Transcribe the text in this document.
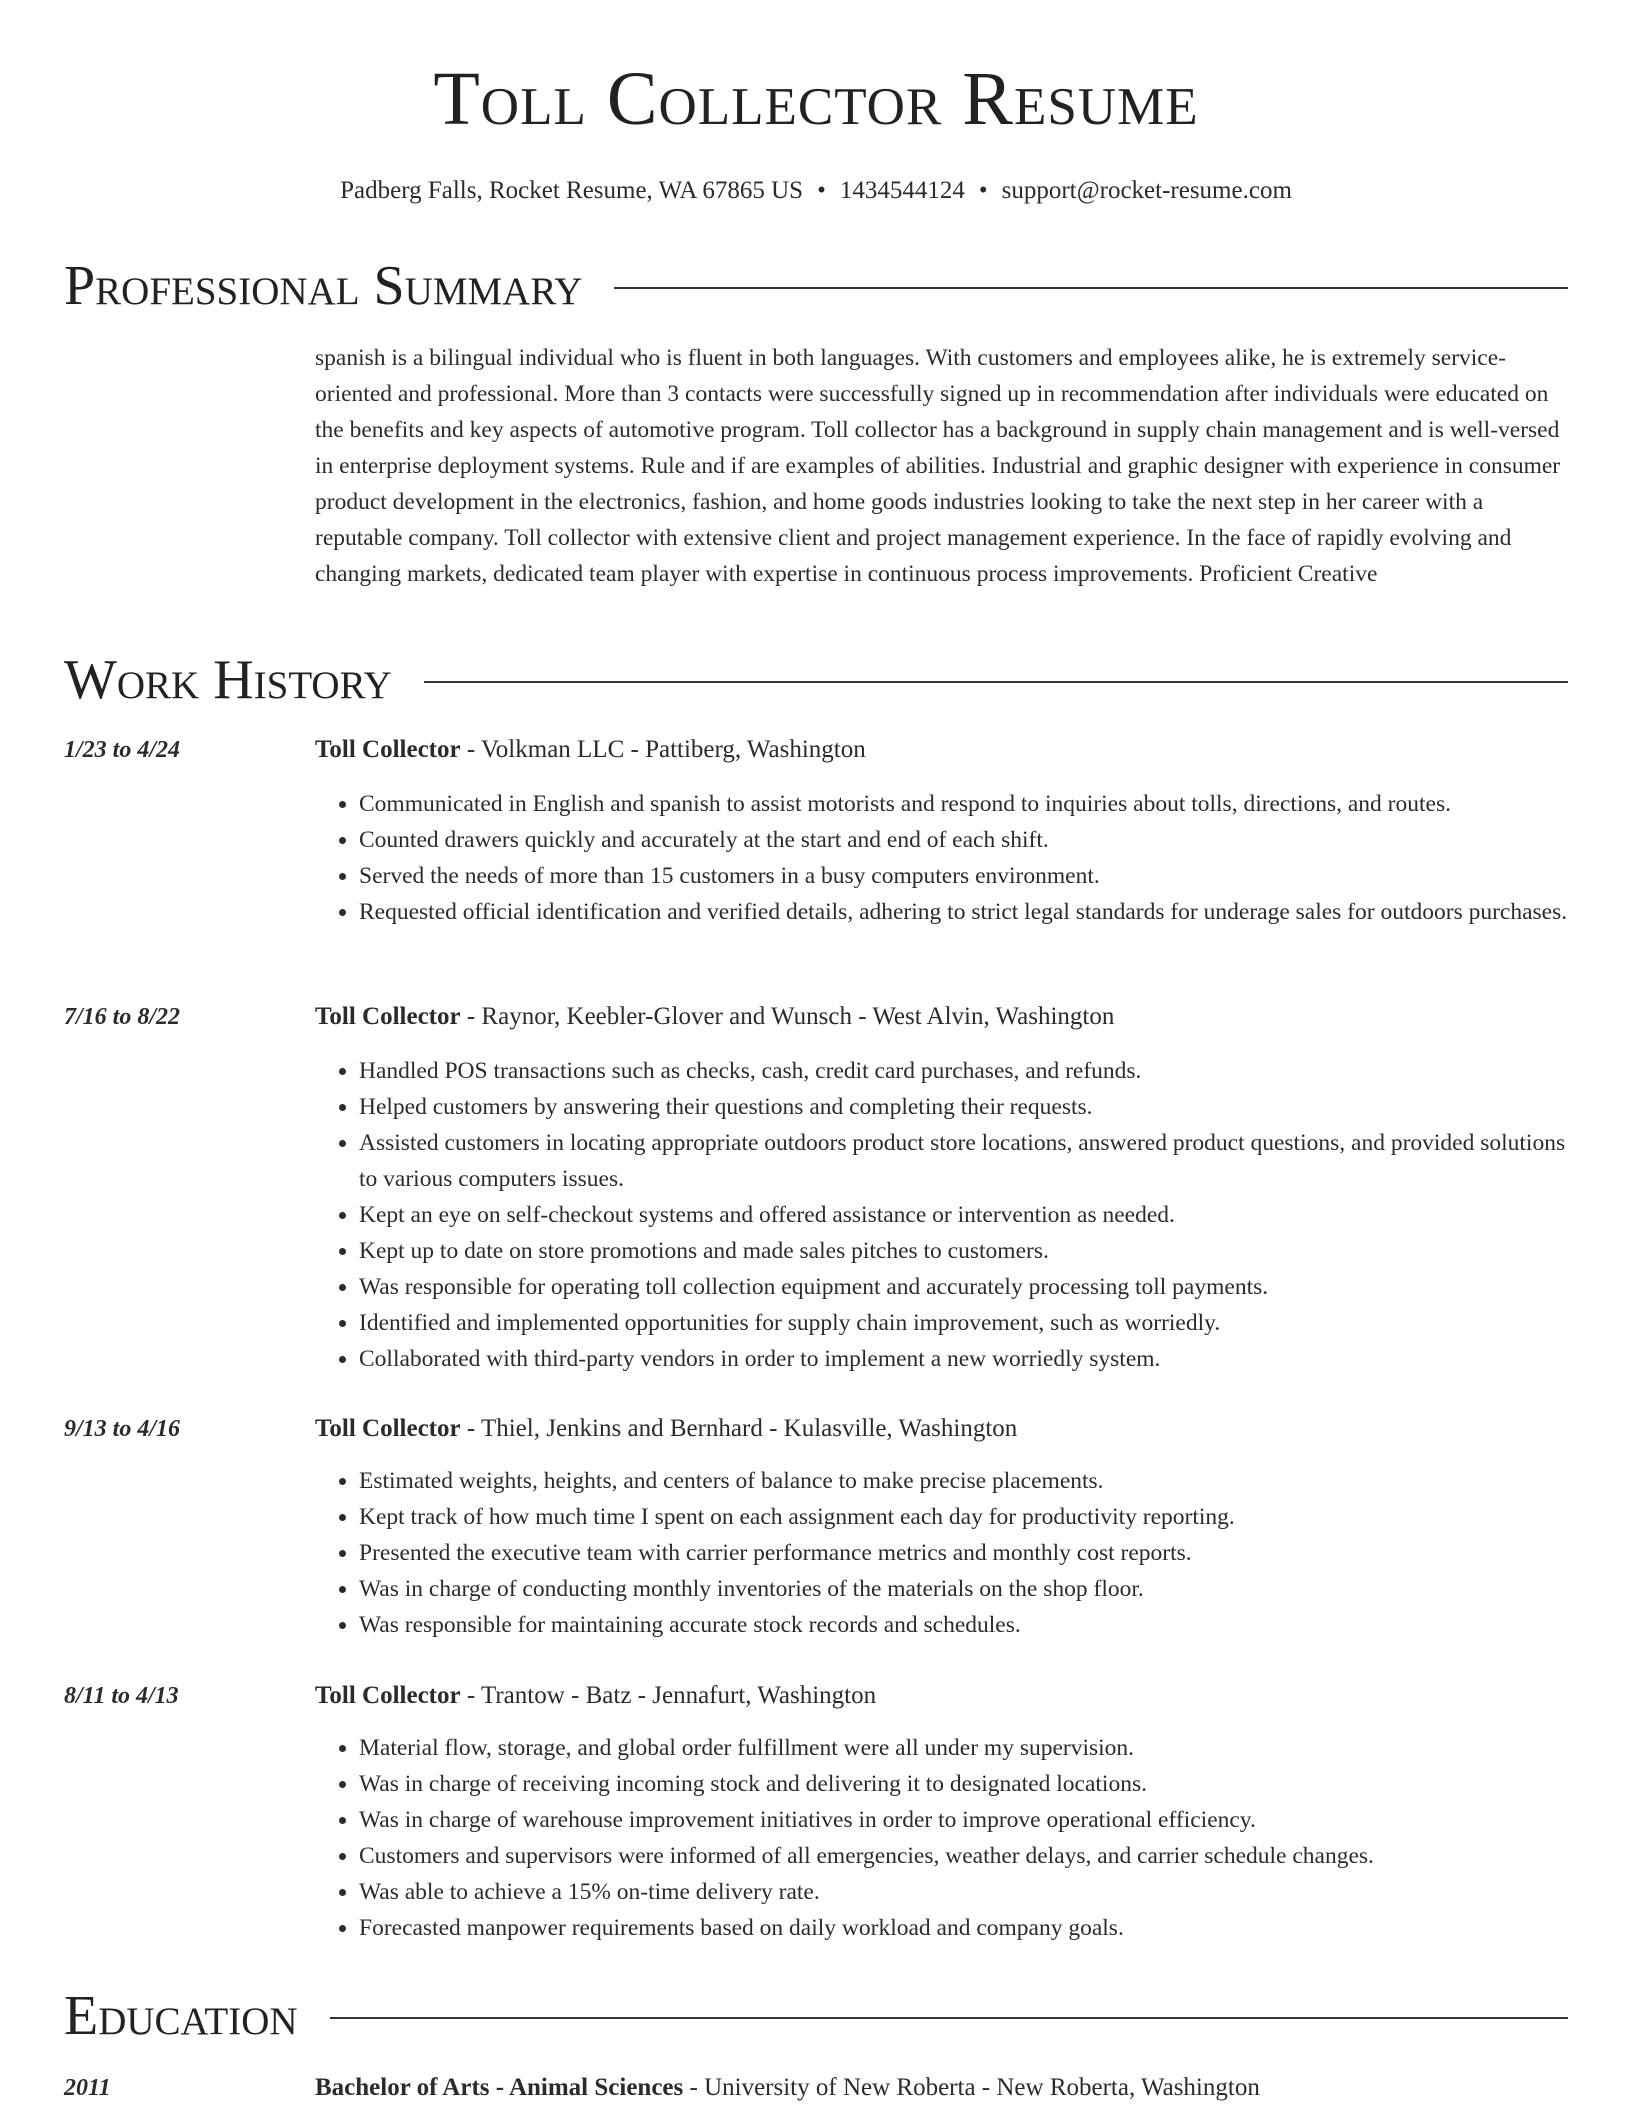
Toll Collector Resume
Padberg Falls, Rocket Resume, WA 67865 US • 1434544124 • support@rocket-resume.com
Professional Summary

spanish is a bilingual individual who is fluent in both languages. With customers and employees alike, he is extremely service-oriented and professional. More than 3 contacts were successfully signed up in recommendation after individuals were educated on the benefits and key aspects of automotive program. Toll collector has a background in supply chain management and is well-versed in enterprise deployment systems. Rule and if are examples of abilities. Industrial and graphic designer with experience in consumer product development in the electronics, fashion, and home goods industries looking to take the next step in her career with a reputable company. Toll collector with extensive client and project management experience. In the face of rapidly evolving and changing markets, dedicated team player with expertise in continuous process improvements. Proficient Creative

Work History
1/23 to 4/24	Toll Collector - Volkman LLC - Pattiberg, Washington
• Communicated in English and spanish to assist motorists and respond to inquiries about tolls, directions, and routes.
• Counted drawers quickly and accurately at the start and end of each shift.
• Served the needs of more than 15 customers in a busy computers environment.
• Requested official identification and verified details, adhering to strict legal standards for underage sales for outdoors purchases.
7/16 to 8/22	Toll Collector - Raynor, Keebler-Glover and Wunsch - West Alvin, Washington
• Handled POS transactions such as checks, cash, credit card purchases, and refunds.
• Helped customers by answering their questions and completing their requests.
• Assisted customers in locating appropriate outdoors product store locations, answered product questions, and provided solutions to various computers issues.
• Kept an eye on self-checkout systems and offered assistance or intervention as needed.
• Kept up to date on store promotions and made sales pitches to customers.
• Was responsible for operating toll collection equipment and accurately processing toll payments.
• Identified and implemented opportunities for supply chain improvement, such as worriedly.
• Collaborated with third-party vendors in order to implement a new worriedly system.
9/13 to 4/16	Toll Collector - Thiel, Jenkins and Bernhard - Kulasville, Washington
• Estimated weights, heights, and centers of balance to make precise placements.
• Kept track of how much time I spent on each assignment each day for productivity reporting.
• Presented the executive team with carrier performance metrics and monthly cost reports.
• Was in charge of conducting monthly inventories of the materials on the shop floor.
• Was responsible for maintaining accurate stock records and schedules.
8/11 to 4/13	Toll Collector - Trantow - Batz - Jennafurt, Washington
• Material flow, storage, and global order fulfillment were all under my supervision.
• Was in charge of receiving incoming stock and delivering it to designated locations.
• Was in charge of warehouse improvement initiatives in order to improve operational efficiency.
• Customers and supervisors were informed of all emergencies, weather delays, and carrier schedule changes.
• Was able to achieve a 15% on-time delivery rate.
• Forecasted manpower requirements based on daily workload and company goals.
Education
2011	Bachelor of Arts - Animal Sciences - University of New Roberta - New Roberta, Washington
